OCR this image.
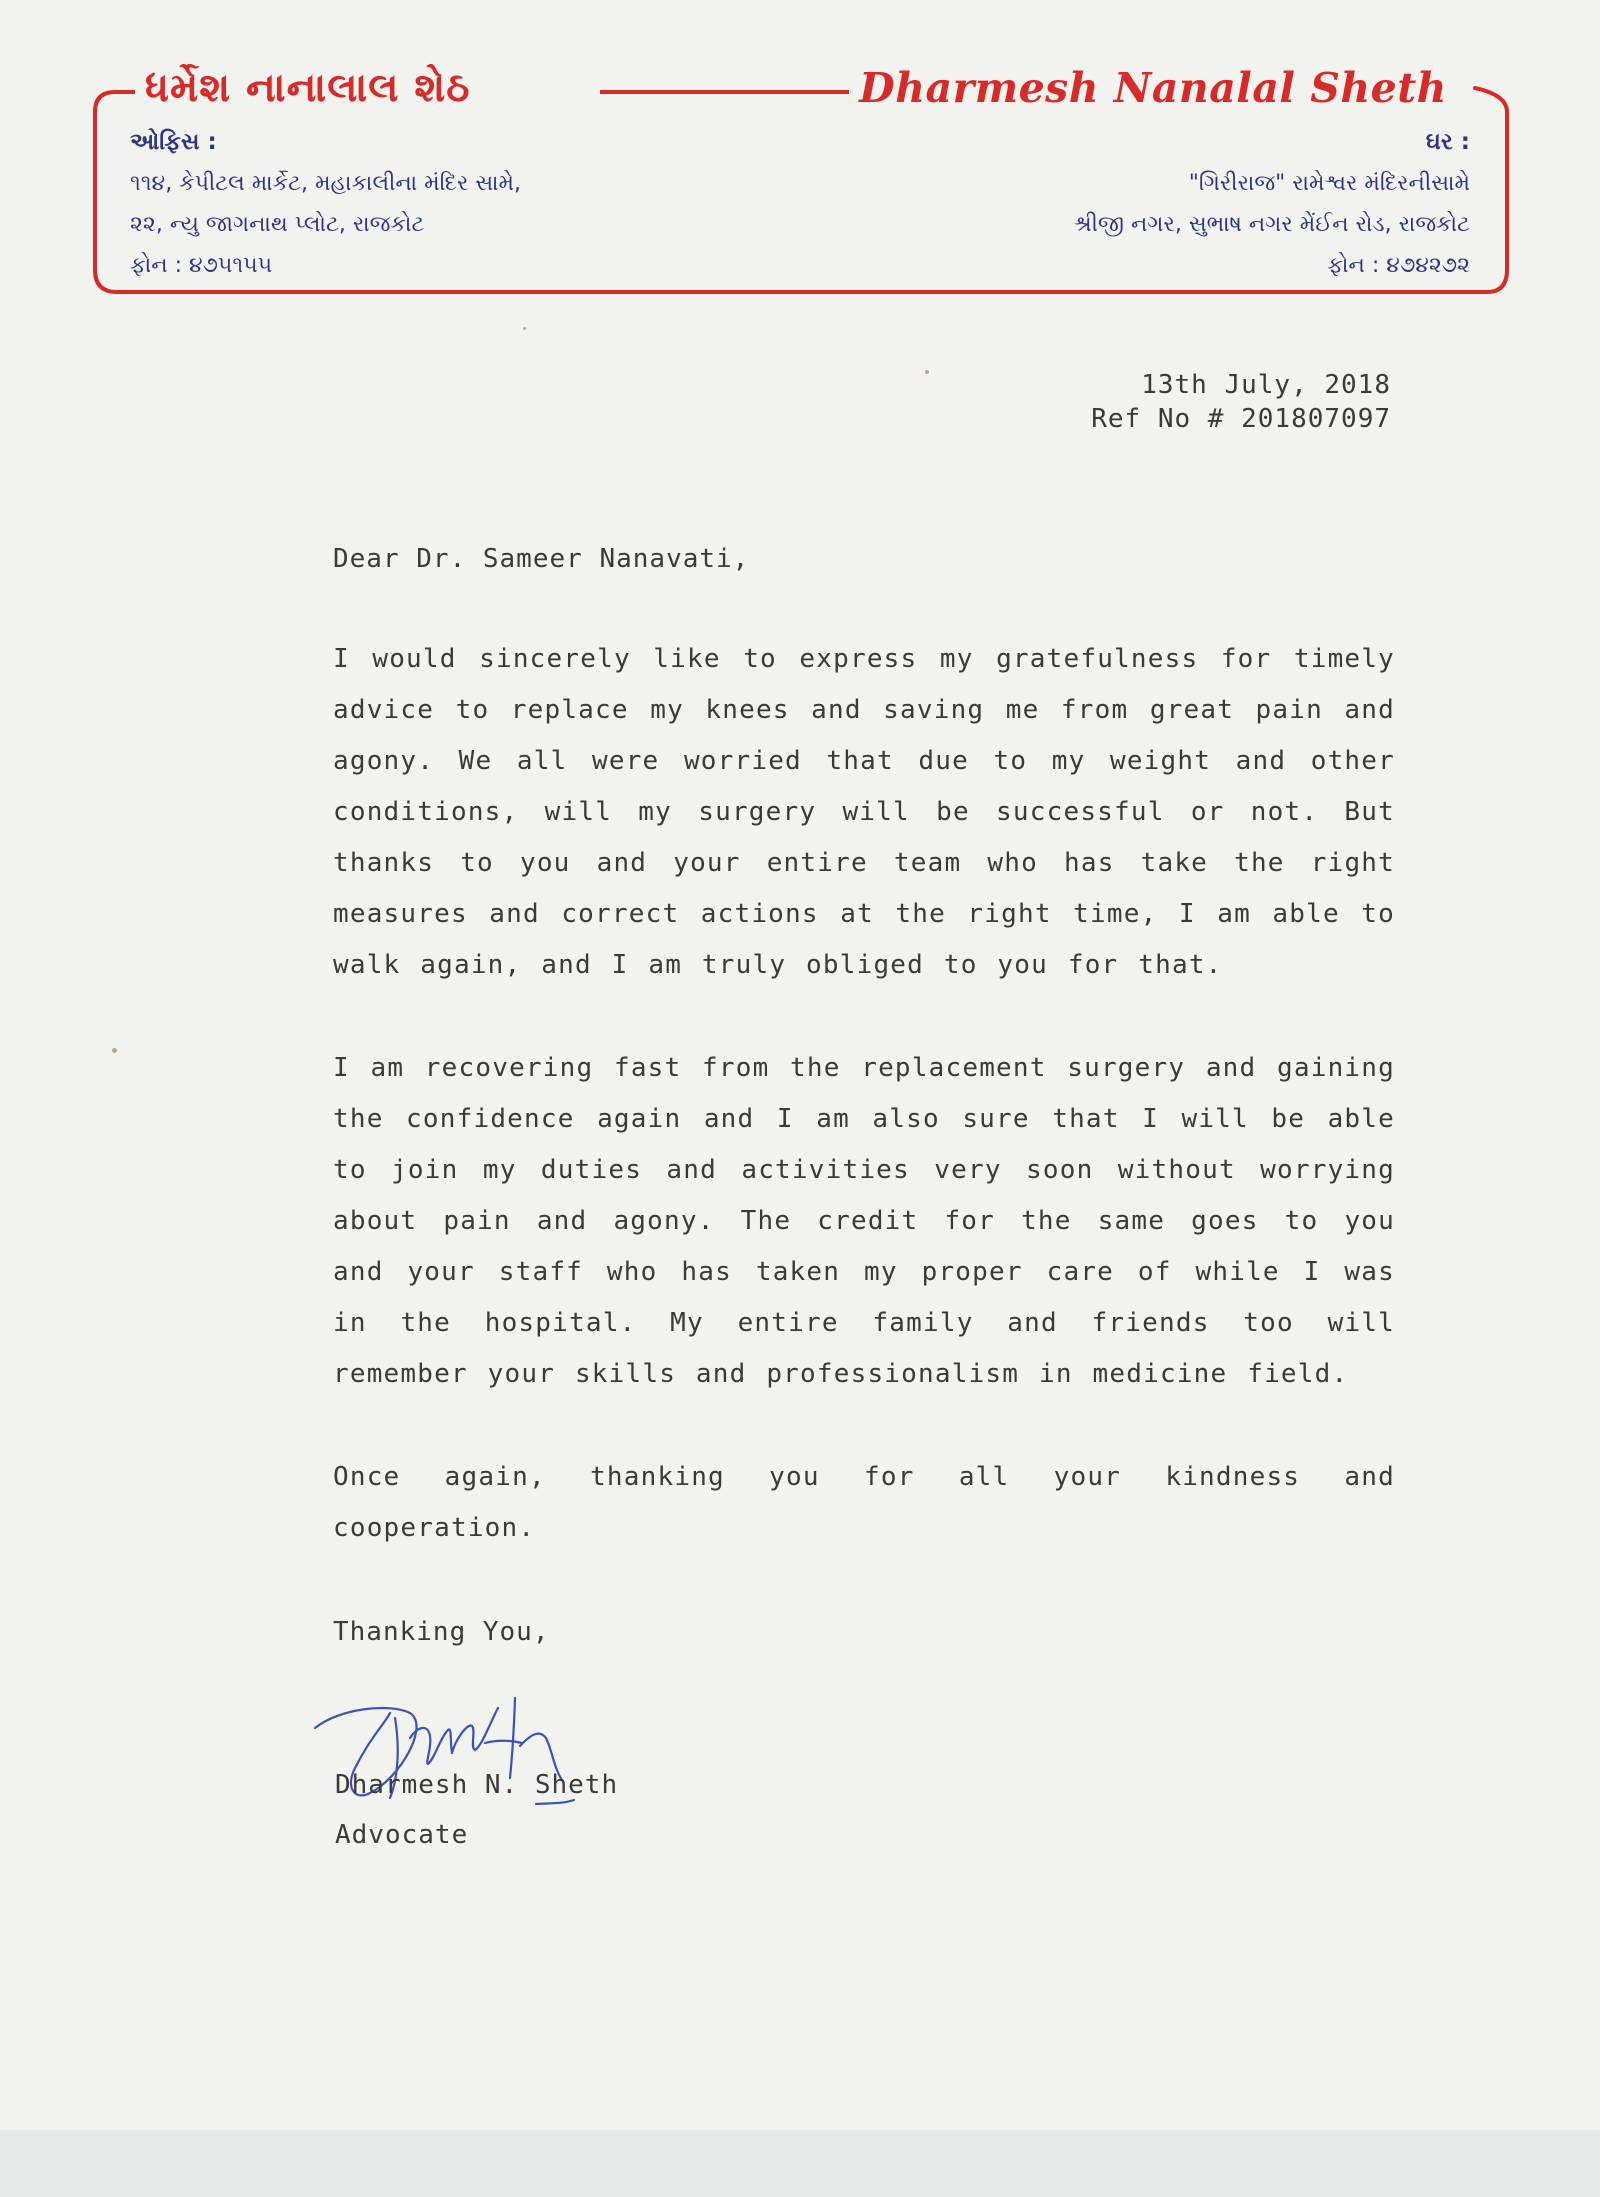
ધર્મેશ નાનાલાલ શેઠ	Dharmesh Nanalal Sheth
ઓફિસ :
૧૧૪, કેપીટલ માર્કેટ, મહાકાલીના મંદિર સામે,
૨૨, ન્યુ જાગનાથ પ્લોટ, રાજકોટ
ફોન : ૪૭૫૧૫૫
ઘર :
"ગિરીરાજ" રામેશ્વર મંદિરનીસામે
શ્રીજી નગર, સુભાષ નગર મેંઈન રોડ, રાજકોટ
ફોન : ૪૭૪૨૭૨
13th July, 2018
Ref No # 201807097
Dear Dr. Sameer Nanavati,
I would sincerely like to express my gratefulness for timely advice to replace my knees and saving me from great pain and agony. We all were worried that due to my weight and other conditions, will my surgery will be successful or not. But thanks to you and your entire team who has take the right measures and correct actions at the right time, I am able to walk again, and I am truly obliged to you for that.
I am recovering fast from the replacement surgery and gaining the confidence again and I am also sure that I will be able to join my duties and activities very soon without worrying about pain and agony. The credit for the same goes to you and your staff who has taken my proper care of while I was in the hospital. My entire family and friends too will remember your skills and professionalism in medicine field.
Once again, thanking you for all your kindness and cooperation.
Thanking You,
Dharmesh N. Sheth
Advocate
